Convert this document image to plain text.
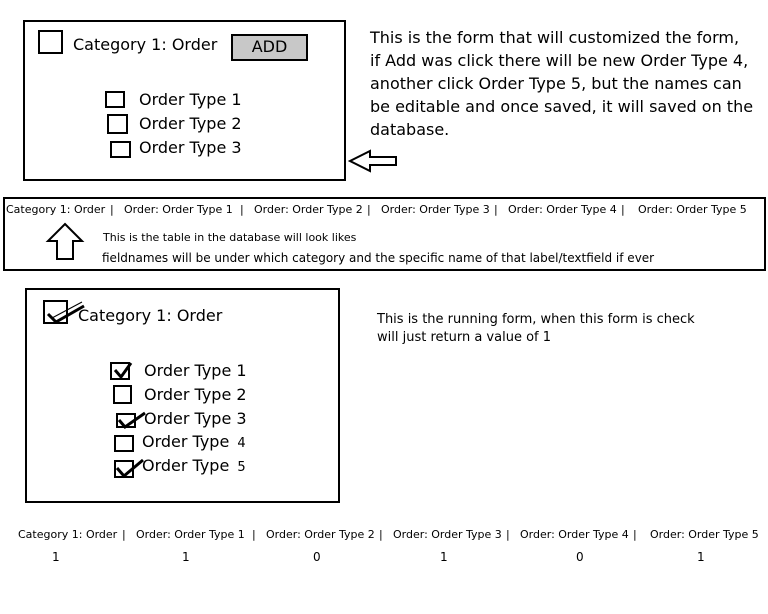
Category 1: Order	ADD
Order Type 1
Order Type 2
Order Type 3
This is the form that will customized the form,
if Add was click there will be new Order Type 4,
another click Order Type 5, but the names can
be editable and once saved, it will saved on the
database.
Category 1: Order | Order: Order Type 1 | Order: Order Type 2 | Order: Order Type 3 | Order: Order Type 4 | Order: Order Type 5
This is the table in the database will look likes
fieldnames will be under which category and the specific name of that label/textfield if ever
Category 1: Order
Order Type 1
Order Type 2
Order Type 3
Order Type 4
Order Type 5
This is the running form, when this form is check
will just return a value of 1
Category 1: Order | Order: Order Type 1 | Order: Order Type 2 | Order: Order Type 3 | Order: Order Type 4 | Order: Order Type 5
1	1	0	1	0	1
